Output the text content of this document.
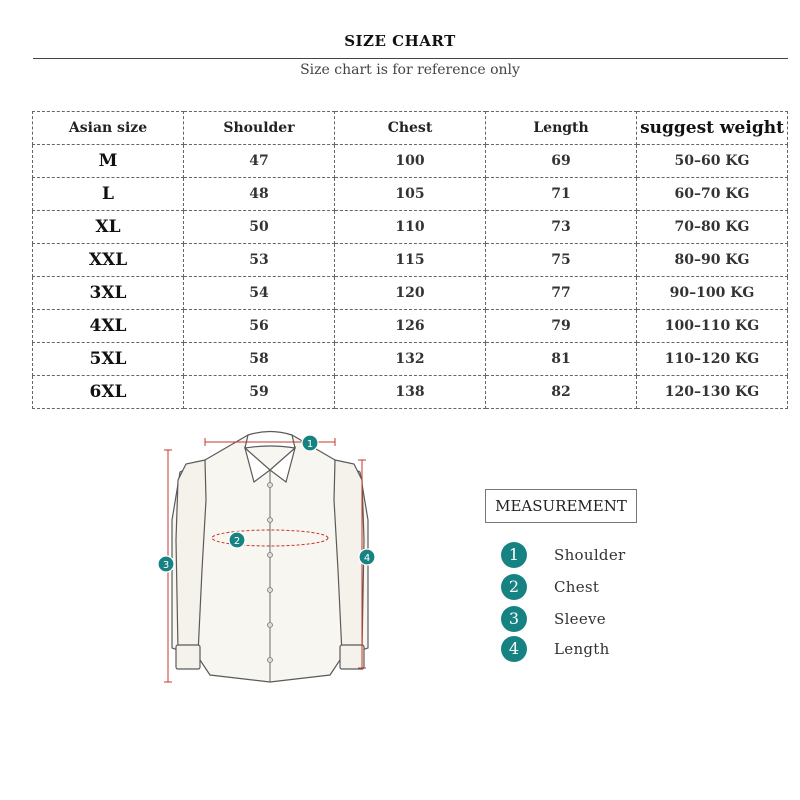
SIZE CHART
Size chart is for reference only
Asian size	Shoulder	Chest	Length	suggest weight
M	47	100	69	50–60 KG
L	48	105	71	60–70 KG
XL	50	110	73	70–80 KG
XXL	53	115	75	80–90 KG
3XL	54	120	77	90–100 KG
4XL	56	126	79	100–110 KG
5XL	58	132	81	110–120 KG
6XL	59	138	82	120–130 KG
1
2
3
4
MEASUREMENT
1	Shoulder
2	Chest
3	Sleeve
4	Length
